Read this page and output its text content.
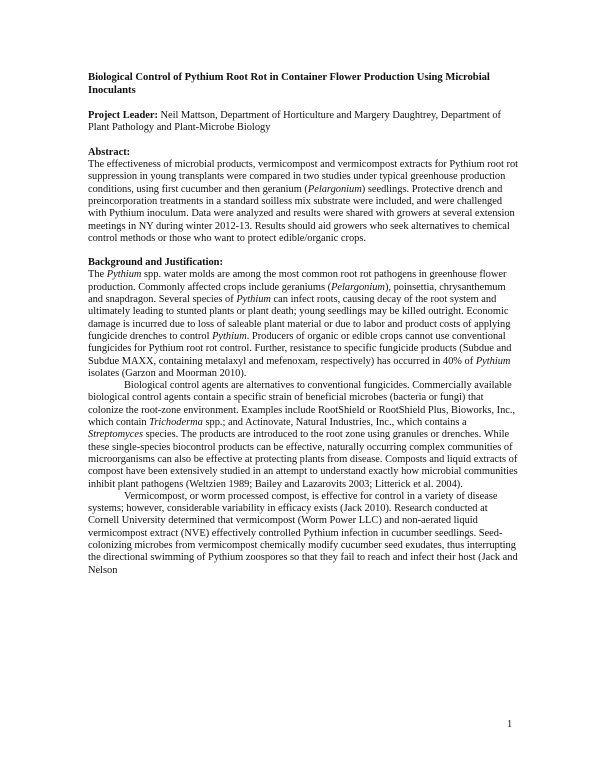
Biological Control of Pythium Root Rot in Container Flower Production Using Microbial Inoculants

Project Leader: Neil Mattson, Department of Horticulture and Margery Daughtrey, Department of Plant Pathology and Plant-Microbe Biology

Abstract:

The effectiveness of microbial products, vermicompost and vermicompost extracts for Pythium root rot suppression in young transplants were compared in two studies under typical greenhouse production conditions, using first cucumber and then geranium (Pelargonium) seedlings. Protective drench and preincorporation treatments in a standard soilless mix substrate were included, and were challenged with Pythium inoculum. Data were analyzed and results were shared with growers at several extension meetings in NY during winter 2012-13. Results should aid growers who seek alternatives to chemical control methods or those who want to protect edible/organic crops.

Background and Justification:

The Pythium spp. water molds are among the most common root rot pathogens in greenhouse flower production. Commonly affected crops include geraniums (Pelargonium), poinsettia, chrysanthemum and snapdragon. Several species of Pythium can infect roots, causing decay of the root system and ultimately leading to stunted plants or plant death; young seedlings may be killed outright. Economic damage is incurred due to loss of saleable plant material or due to labor and product costs of applying fungicide drenches to control Pythium. Producers of organic or edible crops cannot use conventional fungicides for Pythium root rot control. Further, resistance to specific fungicide products (Subdue and Subdue MAXX, containing metalaxyl and mefenoxam, respectively) has occurred in 40% of Pythium isolates (Garzon and Moorman 2010).

Biological control agents are alternatives to conventional fungicides. Commercially available biological control agents contain a specific strain of beneficial microbes (bacteria or fungi) that colonize the root-zone environment. Examples include RootShield or RootShield Plus, Bioworks, Inc., which contain Trichoderma spp.; and Actinovate, Natural Industries, Inc., which contains a Streptomyces species. The products are introduced to the root zone using granules or drenches. While these single-species biocontrol products can be effective, naturally occurring complex communities of microorganisms can also be effective at protecting plants from disease. Composts and liquid extracts of compost have been extensively studied in an attempt to understand exactly how microbial communities inhibit plant pathogens (Weltzien 1989; Bailey and Lazarovits 2003; Litterick et al. 2004).

Vermicompost, or worm processed compost, is effective for control in a variety of disease systems; however, considerable variability in efficacy exists (Jack 2010). Research conducted at Cornell University determined that vermicompost (Worm Power LLC) and non-aerated liquid vermicompost extract (NVE) effectively controlled Pythium infection in cucumber seedlings. Seed-colonizing microbes from vermicompost chemically modify cucumber seed exudates, thus interrupting the directional swimming of Pythium zoospores so that they fail to reach and infect their host (Jack and Nelson

1
